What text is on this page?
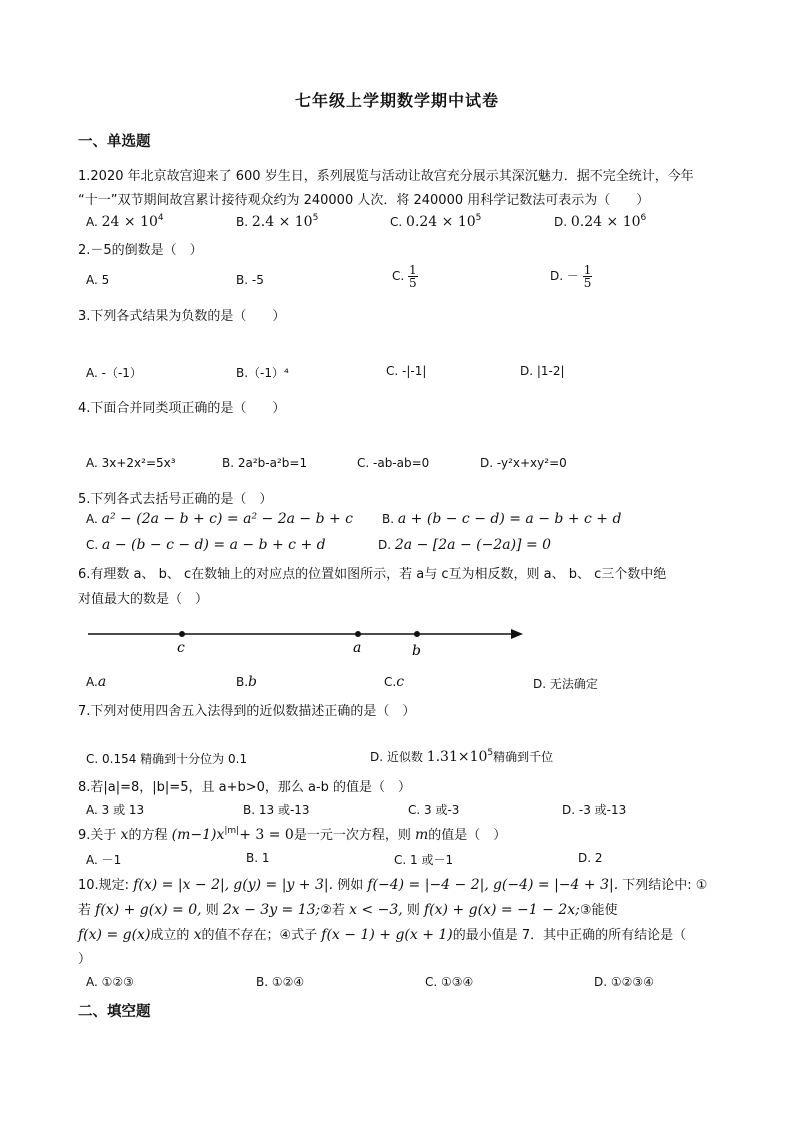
七年级上学期数学期中试卷
一、单选题
1.2020 年北京故宫迎来了 600 岁生日，系列展览与活动让故宫充分展示其深沉魅力．据不完全统计，今年
“十一”双节期间故宫累计接待观众约为 240000 人次．将 240000 用科学记数法可表示为（　　）
A. $24 \times 10^4$	B. $2.4 \times 10^5$	C. $0.24 \times 10^5$	D. $0.24 \times 10^6$
2.－5的倒数是（　）
A. 5	B. -5	C. $\frac{1}{5}$	D. － $\frac{1}{5}$
3.下列各式结果为负数的是（　　）
A. -（-1）	B.（-1）⁴	C. -|-1|	D. |1-2|
4.下面合并同类项正确的是（　　）
A. 3x+2x²=5x³	B. 2a²b-a²b=1	C. -ab-ab=0	D. -y²x+xy²=0
5.下列各式去括号正确的是（　）
A. a² − (2a − b + c) = a² − 2a − b + c B. a + (b − c − d) = a − b + c + d
C. a − (b − c − d) = a − b + c + d	D. 2a − [2a − (−2a)] = 0
6.有理数 a、 b、 c在数轴上的对应点的位置如图所示，若 a与 c互为相反数，则 a、 b、 c三个数中绝
对值最大的数是（　）
c	a	b
A.a	B.b	C.c	D. 无法确定
7.下列对使用四舍五入法得到的近似数描述正确的是（　）
C. 0.154 精确到十分位为 0.1	D. 近似数 $1.31\times 10^5$精确到千位
8.若|a|=8，|b|=5，且 a+b>0，那么 a-b 的值是（　）
A. 3 或 13	B. 13 或-13	C. 3 或-3	D. -3 或-13
9.关于 x的方程 $(m-1)x^{|m|}+ 3 = 0$是一元一次方程，则 m的值是（　）
A. －1	B. 1	C. 1 或－1	D. 2
10.规定: f(x) = |x − 2|, g(y) = |y + 3|. 例如 f(−4) = |−4 − 2|, g(−4) = |−4 + 3|. 下列结论中: ①
若 f(x) + g(x) = 0, 则 2x − 3y = 13;②若 x < −3, 则 f(x) + g(x) = −1 − 2x;③能使
f(x) = g(x)成立的 x的值不存在；④式子 f(x − 1) + g(x + 1)的最小值是 7．其中正确的所有结论是（
）
A. ①②③	B. ①②④	C. ①③④	D. ①②③④
二、填空题
